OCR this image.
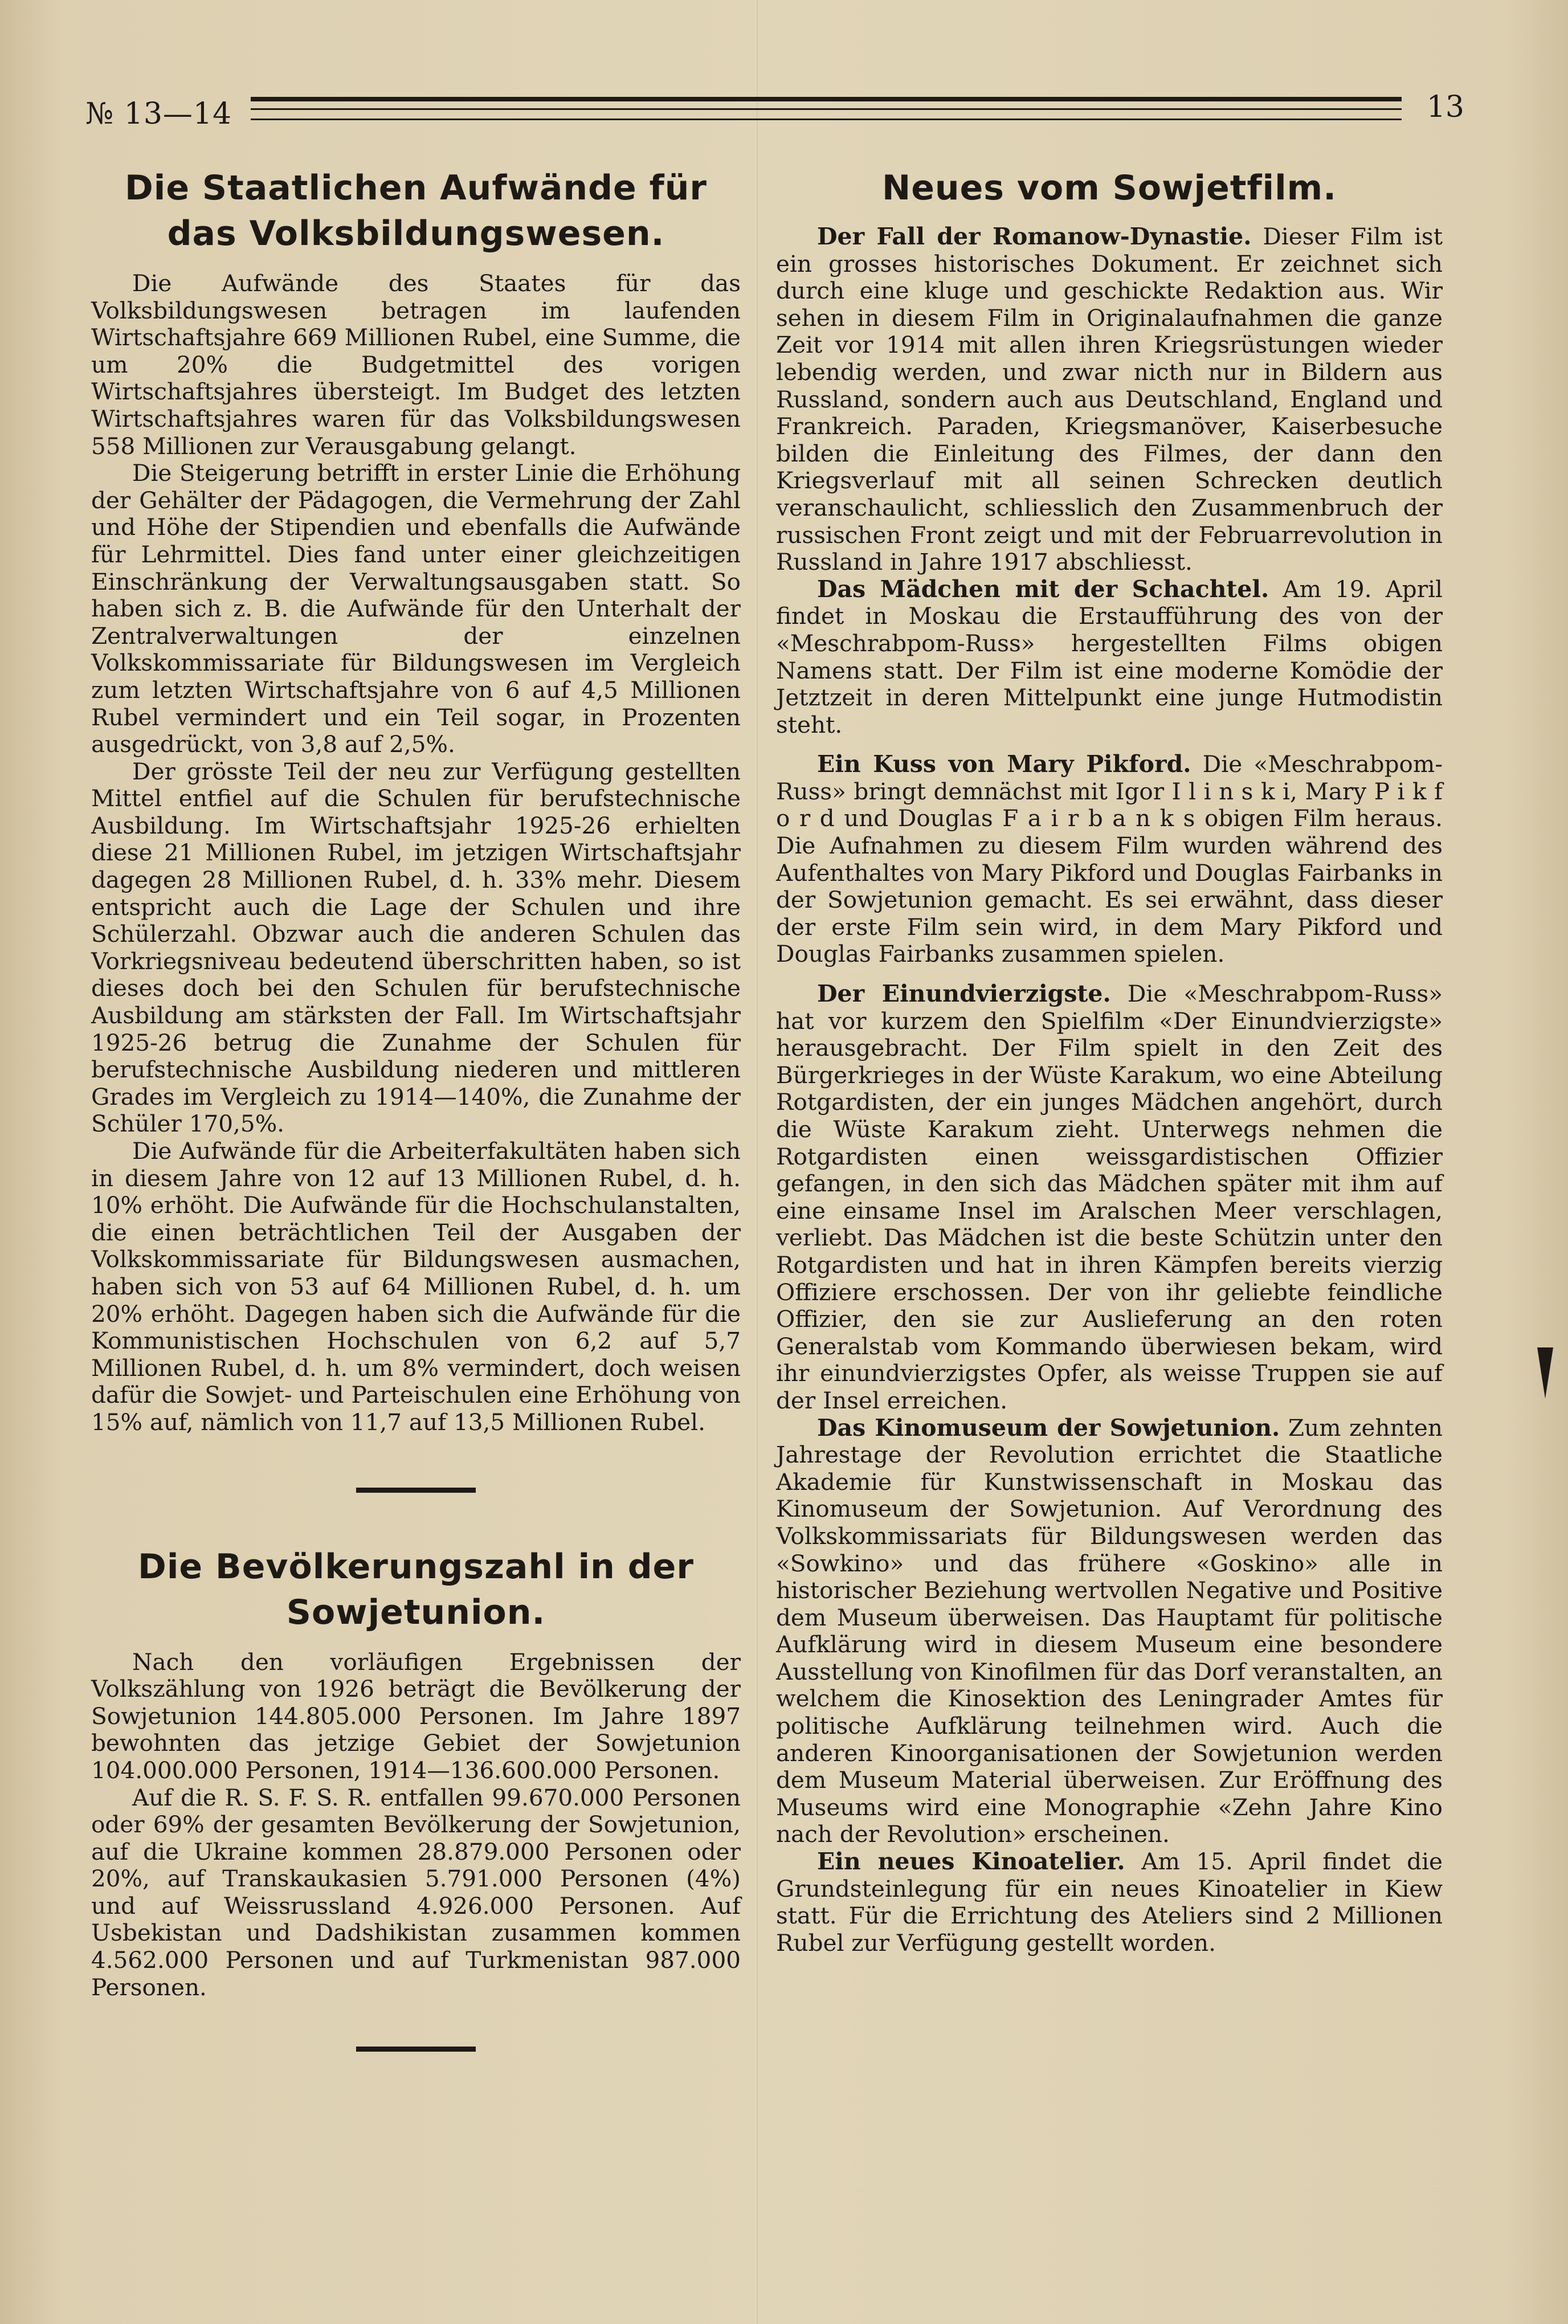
№ 13—14	13
Die Staatlichen Aufwände für das Volksbildungswesen.

Die Aufwände des Staates für das Volksbildungswesen betragen im laufenden Wirtschaftsjahre 669 Millionen Rubel, eine Summe, die um 20% die Budgetmittel des vorigen Wirtschaftsjahres übersteigt. Im Budget des letzten Wirtschaftsjahres waren für das Volksbildungswesen 558 Millionen zur Verausgabung gelangt.

Die Steigerung betrifft in erster Linie die Erhöhung der Gehälter der Pädagogen, die Vermehrung der Zahl und Höhe der Stipendien und ebenfalls die Aufwände für Lehrmittel. Dies fand unter einer gleichzeitigen Einschränkung der Verwaltungsausgaben statt. So haben sich z. B. die Aufwände für den Unterhalt der Zentralverwaltungen der einzelnen Volkskommissariate für Bildungswesen im Vergleich zum letzten Wirtschaftsjahre von 6 auf 4,5 Millionen Rubel vermindert und ein Teil sogar, in Prozenten ausgedrückt, von 3,8 auf 2,5%.

Der grösste Teil der neu zur Verfügung gestellten Mittel entfiel auf die Schulen für berufstechnische Ausbildung. Im Wirtschaftsjahr 1925-26 erhielten diese 21 Millionen Rubel, im jetzigen Wirtschaftsjahr dagegen 28 Millionen Rubel, d. h. 33% mehr. Diesem entspricht auch die Lage der Schulen und ihre Schülerzahl. Obzwar auch die anderen Schulen das Vorkriegsniveau bedeutend überschritten haben, so ist dieses doch bei den Schulen für berufstechnische Ausbildung am stärksten der Fall. Im Wirtschaftsjahr 1925-26 betrug die Zunahme der Schulen für berufstechnische Ausbildung niederen und mittleren Grades im Vergleich zu 1914—140%, die Zunahme der Schüler 170,5%.

Die Aufwände für die Arbeiterfakultäten haben sich in diesem Jahre von 12 auf 13 Millionen Rubel, d. h. 10% erhöht. Die Aufwände für die Hochschulanstalten, die einen beträchtlichen Teil der Ausgaben der Volkskommissariate für Bildungswesen ausmachen, haben sich von 53 auf 64 Millionen Rubel, d. h. um 20% erhöht. Dagegen haben sich die Aufwände für die Kommunistischen Hochschulen von 6,2 auf 5,7 Millionen Rubel, d. h. um 8% vermindert, doch weisen dafür die Sowjet- und Parteischulen eine Erhöhung von 15% auf, nämlich von 11,7 auf 13,5 Millionen Rubel.

Die Bevölkerungszahl in der Sowjetunion.

Nach den vorläufigen Ergebnissen der Volkszählung von 1926 beträgt die Bevölkerung der Sowjetunion 144.805.000 Personen. Im Jahre 1897 bewohnten das jetzige Gebiet der Sowjetunion 104.000.000 Personen, 1914—136.600.000 Personen.

Auf die R. S. F. S. R. entfallen 99.670.000 Personen oder 69% der gesamten Bevölkerung der Sowjetunion, auf die Ukraine kommen 28.879.000 Personen oder 20%, auf Transkaukasien 5.791.000 Personen (4%) und auf Weissrussland 4.926.000 Personen. Auf Usbekistan und Dadshikistan zusammen kommen 4.562.000 Personen und auf Turkmenistan 987.000 Personen.

Neues vom Sowjetfilm.

Der Fall der Romanow-Dynastie. Dieser Film ist ein grosses historisches Dokument. Er zeichnet sich durch eine kluge und geschickte Redaktion aus. Wir sehen in diesem Film in Originalaufnahmen die ganze Zeit vor 1914 mit allen ihren Kriegsrüstungen wieder lebendig werden, und zwar nicth nur in Bildern aus Russland, sondern auch aus Deutschland, England und Frankreich. Paraden, Kriegsmanöver, Kaiserbesuche bilden die Einleitung des Filmes, der dann den Kriegsverlauf mit all seinen Schrecken deutlich veranschaulicht, schliesslich den Zusammenbruch der russischen Front zeigt und mit der Februarrevolution in Russland in Jahre 1917 abschliesst.

Das Mädchen mit der Schachtel. Am 19. April findet in Moskau die Erstaufführung des von der «Meschrabpom-Russ» hergestellten Films obigen Namens statt. Der Film ist eine moderne Komödie der Jetztzeit in deren Mittelpunkt eine junge Hutmodistin steht.

Ein Kuss von Mary Pikford. Die «Meschrabpom-Russ» bringt demnächst mit Igor I l i n s k i, Mary P i k f o r d und Douglas F a i r b a n k s obigen Film heraus. Die Aufnahmen zu diesem Film wurden während des Aufenthaltes von Mary Pikford und Douglas Fairbanks in der Sowjetunion gemacht. Es sei erwähnt, dass dieser der erste Film sein wird, in dem Mary Pikford und Douglas Fairbanks zusammen spielen.

Der Einundvierzigste. Die «Meschrabpom-Russ» hat vor kurzem den Spielfilm «Der Einundvierzigste» herausgebracht. Der Film spielt in den Zeit des Bürgerkrieges in der Wüste Karakum, wo eine Abteilung Rotgardisten, der ein junges Mädchen angehört, durch die Wüste Karakum zieht. Unterwegs nehmen die Rotgardisten einen weissgardistischen Offizier gefangen, in den sich das Mädchen später mit ihm auf eine einsame Insel im Aralschen Meer verschlagen, verliebt. Das Mädchen ist die beste Schützin unter den Rotgardisten und hat in ihren Kämpfen bereits vierzig Offiziere erschossen. Der von ihr geliebte feindliche Offizier, den sie zur Auslieferung an den roten Generalstab vom Kommando überwiesen bekam, wird ihr einundvierzigstes Opfer, als weisse Truppen sie auf der Insel erreichen.

Das Kinomuseum der Sowjetunion. Zum zehnten Jahrestage der Revolution errichtet die Staatliche Akademie für Kunstwissenschaft in Moskau das Kinomuseum der Sowjetunion. Auf Verordnung des Volkskommissariats für Bildungswesen werden das «Sowkino» und das frühere «Goskino» alle in historischer Beziehung wertvollen Negative und Positive dem Museum überweisen. Das Hauptamt für politische Aufklärung wird in diesem Museum eine besondere Ausstellung von Kinofilmen für das Dorf veranstalten, an welchem die Kinosektion des Leningrader Amtes für politische Aufklärung teilnehmen wird. Auch die anderen Kinoorganisationen der Sowjetunion werden dem Museum Material überweisen. Zur Eröffnung des Museums wird eine Monographie «Zehn Jahre Kino nach der Revolution» erscheinen.

Ein neues Kinoatelier. Am 15. April findet die Grundsteinlegung für ein neues Kinoatelier in Kiew statt. Für die Errichtung des Ateliers sind 2 Millionen Rubel zur Verfügung gestellt worden.
